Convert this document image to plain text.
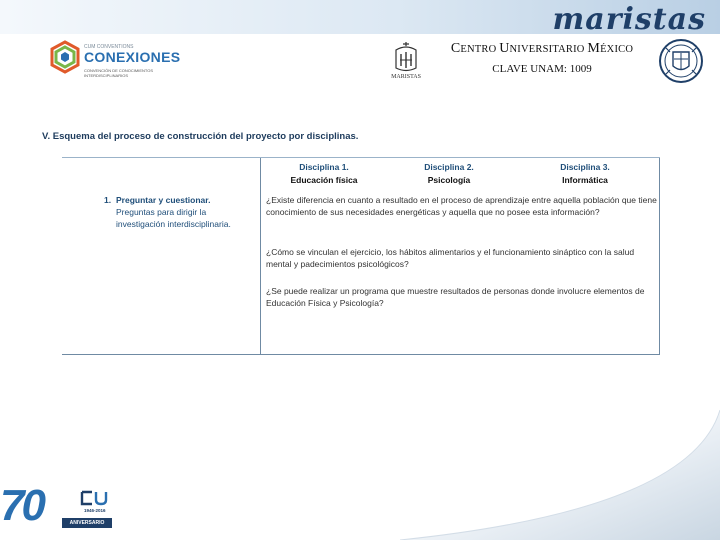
maristas
CUM CONVENTIONS
CONEXIONES
CONVENCIÓN DE CONOCIMIENTOS INTERDISCIPLINARIOS	MARISTAS
CENTRO UNIVERSITARIO MÉXICO
CLAVE UNAM: 1009
V. Esquema del proceso de construcción del proyecto por disciplinas.
Disciplina 1.
Educación física
Disciplina 2.
Psicología
Disciplina 3.
Informática
1. Preguntar y cuestionar.
Preguntas para dirigir la investigación interdisciplinaria.
¿Existe diferencia en cuanto a resultado en el proceso de aprendizaje entre aquella población que tiene conocimiento de sus necesidades energéticas y aquella que no posee esta información?
¿Cómo se vinculan el ejercicio, los hábitos alimentarios y el funcionamiento sináptico con la salud mental y padecimientos psicológicos?
¿Se puede realizar un programa que muestre resultados de personas donde involucre elementos de Educación Física y Psicología?
70	1946-2016
ANIVERSARIO
